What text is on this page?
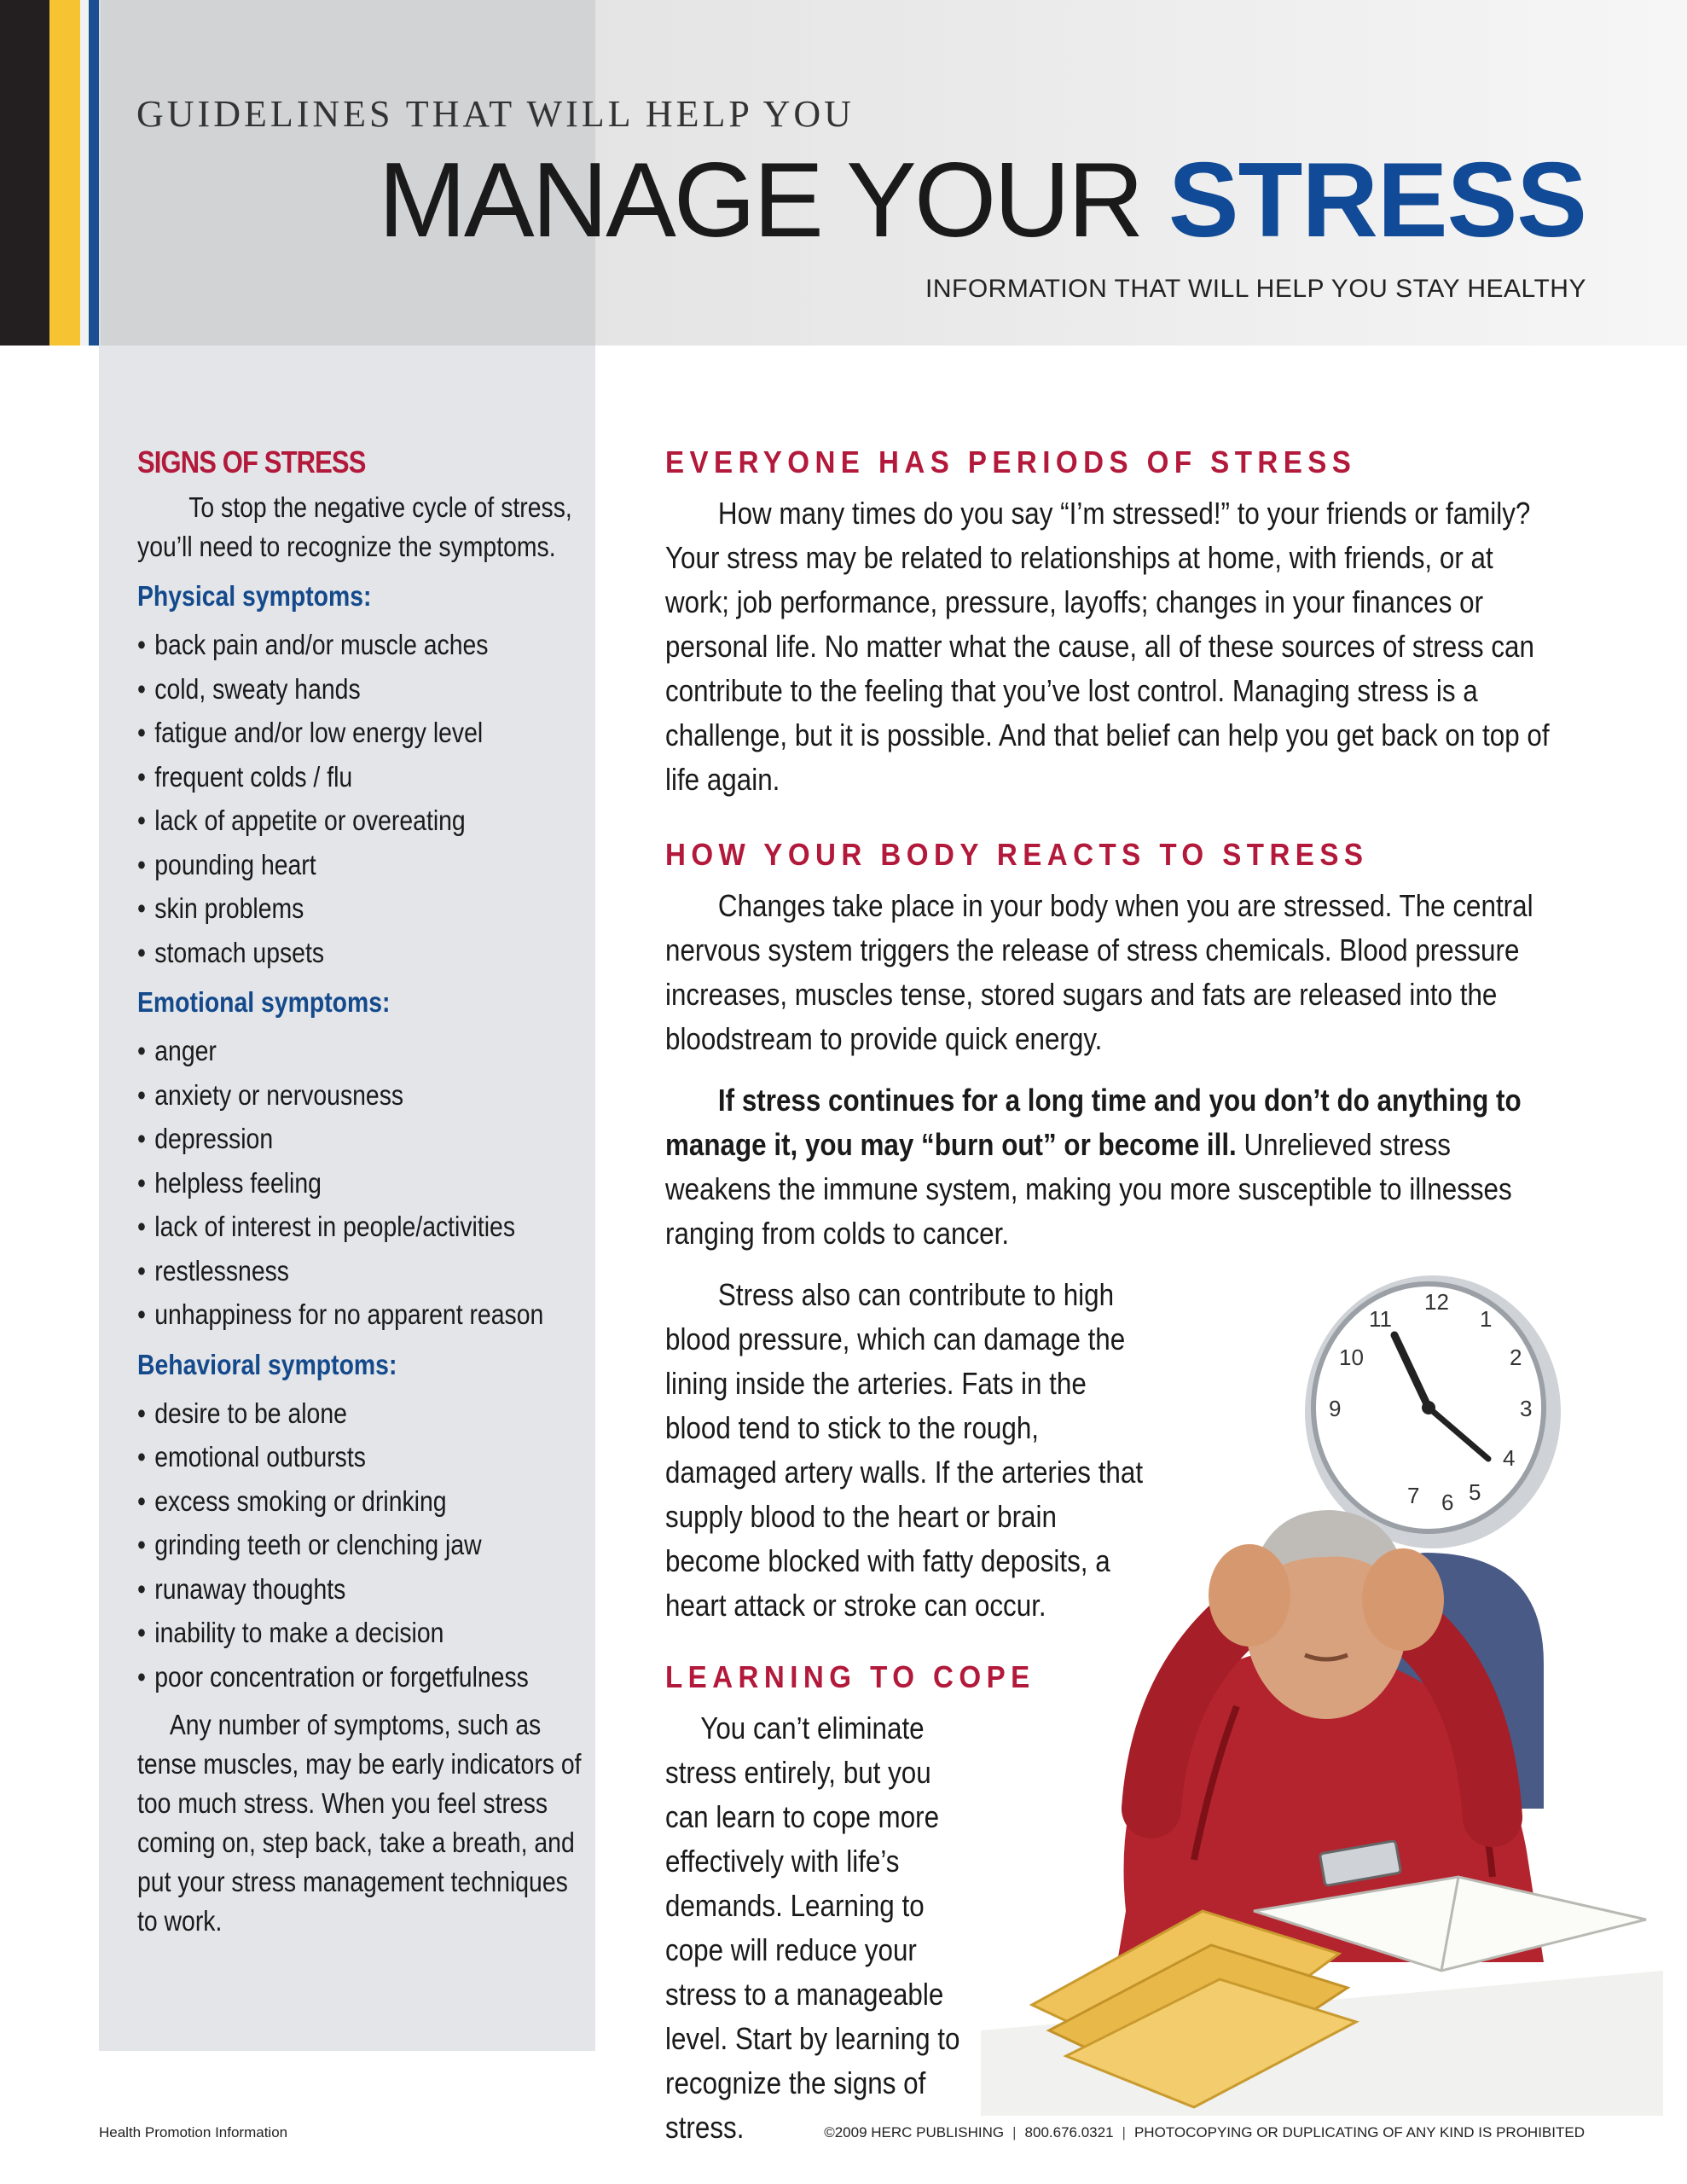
GUIDELINES THAT WILL HELP YOU

MANAGE YOUR STRESS

INFORMATION THAT WILL HELP YOU STAY HEALTHY

SIGNS OF STRESS

To stop the negative cycle of stress, you’ll need to recognize the symptoms.

Physical symptoms:
• back pain and/or muscle aches
• cold, sweaty hands
• fatigue and/or low energy level
• frequent colds / flu
• lack of appetite or overeating
• pounding heart
• skin problems
• stomach upsets
Emotional symptoms:
• anger
• anxiety or nervousness
• depression
• helpless feeling
• lack of interest in people/activities
• restlessness
• unhappiness for no apparent reason
Behavioral symptoms:
• desire to be alone
• emotional outbursts
• excess smoking or drinking
• grinding teeth or clenching jaw
• runaway thoughts
• inability to make a decision
• poor concentration or forgetfulness

Any number of symptoms, such as tense muscles, may be early indicators of too much stress. When you feel stress coming on, step back, take a breath, and put your stress management techniques to work.

EVERYONE HAS PERIODS OF STRESS

How many times do you say “I’m stressed!” to your friends or family? Your stress may be related to relationships at home, with friends, or at work; job performance, pressure, layoffs; changes in your finances or personal life. No matter what the cause, all of these sources of stress can contribute to the feeling that you’ve lost control. Managing stress is a challenge, but it is possible. And that belief can help you get back on top of life again.

HOW YOUR BODY REACTS TO STRESS

Changes take place in your body when you are stressed. The central nervous system triggers the release of stress chemicals. Blood pressure increases, muscles tense, stored sugars and fats are released into the bloodstream to provide quick energy.

If stress continues for a long time and you don’t do anything to manage it, you may “burn out” or become ill. Unrelieved stress weakens the immune system, making you more susceptible to illnesses ranging from colds to cancer.

Stress also can contribute to high blood pressure, which can damage the lining inside the arteries. Fats in the blood tend to stick to the rough, damaged artery walls. If the arteries that supply blood to the heart or brain become blocked with fatty deposits, a heart attack or stroke can occur.

LEARNING TO COPE

You can’t eliminate stress entirely, but you can learn to cope more effectively with life’s demands. Learning to cope will reduce your stress to a manageable level. Start by learning to recognize the signs of stress.

12
1
2
3
4
5
6
7
9
10
11
Health Promotion Information	©2009 HERC PUBLISHING | 800.676.0321 | PHOTOCOPYING OR DUPLICATING OF ANY KIND IS PROHIBITED
